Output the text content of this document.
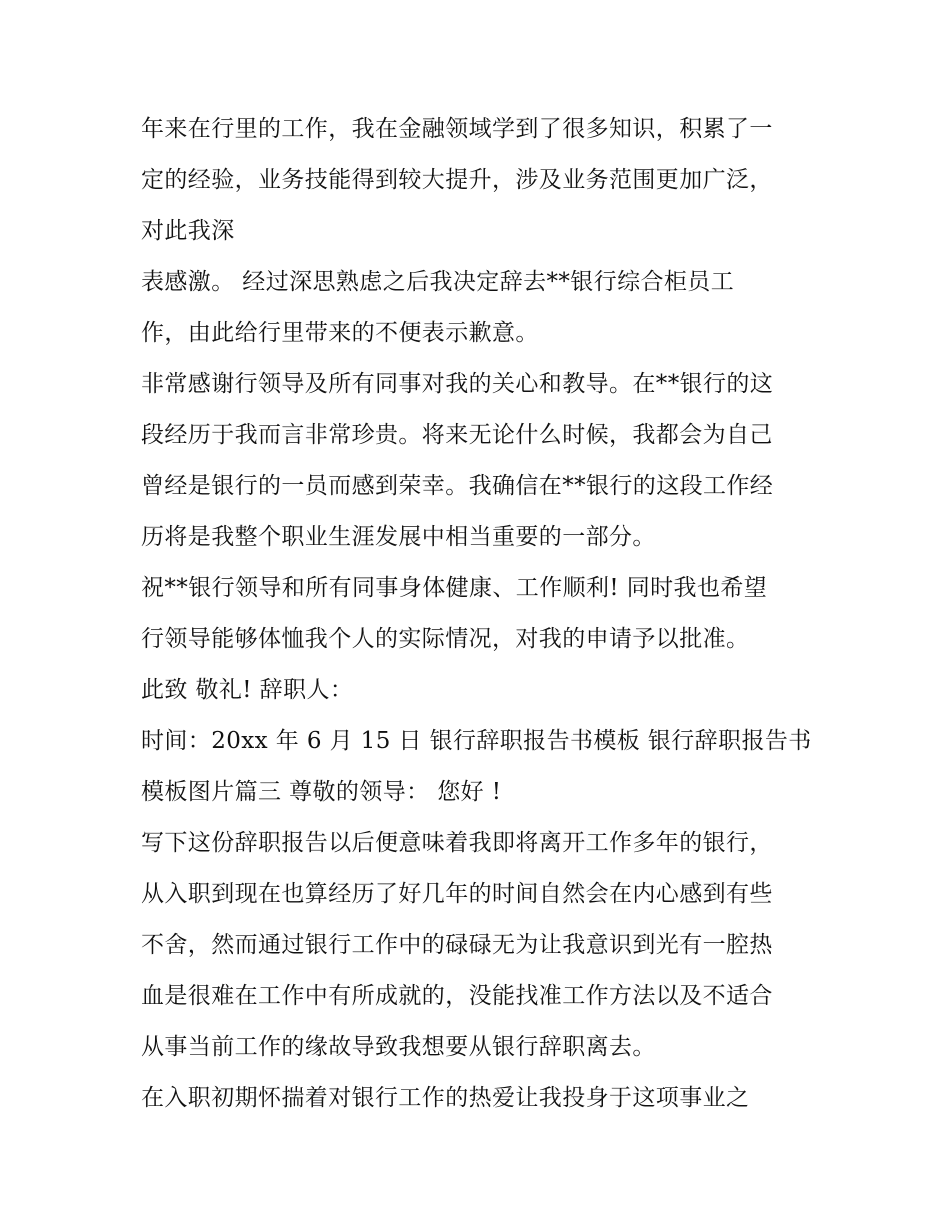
年来在行里的工作，我在金融领域学到了很多知识，积累了一
定的经验，业务技能得到较大提升，涉及业务范围更加广泛，
对此我深
表感激。 经过深思熟虑之后我决定辞去**银行综合柜员工
作，由此给行里带来的不便表示歉意。
非常感谢行领导及所有同事对我的关心和教导。在**银行的这
段经历于我而言非常珍贵。将来无论什么时候，我都会为自己
曾经是银行的一员而感到荣幸。我确信在**银行的这段工作经
历将是我整个职业生涯发展中相当重要的一部分。
祝**银行领导和所有同事身体健康、工作顺利! 同时我也希望
行领导能够体恤我个人的实际情况，对我的申请予以批准。
此致 敬礼! 辞职人：
时间：20xx 年 6 月 15 日 银行辞职报告书模板 银行辞职报告书
模板图片篇三 尊敬的领导： 您好 !
写下这份辞职报告以后便意味着我即将离开工作多年的银行，
从入职到现在也算经历了好几年的时间自然会在内心感到有些
不舍，然而通过银行工作中的碌碌无为让我意识到光有一腔热
血是很难在工作中有所成就的，没能找准工作方法以及不适合
从事当前工作的缘故导致我想要从银行辞职离去。
在入职初期怀揣着对银行工作的热爱让我投身于这项事业之
